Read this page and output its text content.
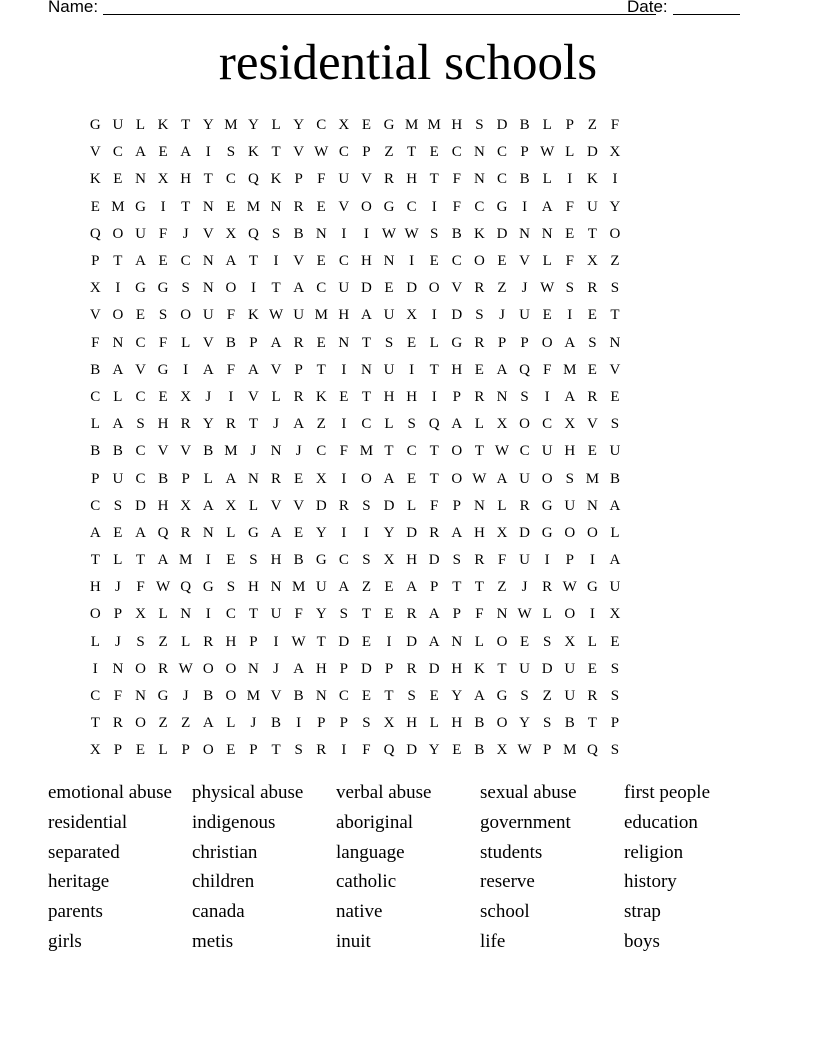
Name:	Date:
residential schools
G U L K T Y M Y L Y C X E G M M H S D B L P Z F
V C A E A I	S K T V W C P Z T E C N C P W L D X
K E N X H T C Q K P F U V R H T F N C B L	I K I
E M G I	T N E M N R E V O G C	I	F C G I A F U Y
Q O U F	J V X Q S B N I	I W W S B K D N N E T O
P T A E C N A T	I V E C H N I	E C O E V L F X Z
X I G G S N O I	T A C U D E D O V R Z	J W S R S
V O E S O U F K W U M H A U X I D S	J U E	I	E T
F N C F L V B P A R E N T S E L G R P P O A S N
B A V G I A F A V P T	I N U I	T H E A Q F M E V
C L C E X J	I V L R K E T H H I	P R N S	I A R E
L A S H R Y R T	J A Z	I	C L S Q A L X O C X V S
B B C V V B M J N J C F M T C T O T W C U H E U
P U C B P L A N R E X I O A E T O W A U O S M B
C S D H X A X L V V D R S D L F P N L R G U N A
A E A Q R N L G A E Y I	I Y D R A H X D G O O L
T L T A M I	E S H B G C S X H D S R F U I	P	I A
H J	F W Q G S H N M U A Z E A P T T Z	J R W G U
O P X L N I	C T U F Y S T E R A P F N W L O I X
L	J	S Z L R H P	I W T D E	I D A N L O E S X L E
I N O R W O O N J A H P D P R D H K T U D U E S
C F N G J B O M V B N C E T S E Y A G S Z U R S
T R O Z Z A L	J B	I	P P S X H L H B O Y S B T P
X P E L P O E P T S R	I	F Q D Y E B X W P M Q S
emotional abuse	physical abuse	verbal abuse	sexual abuse	first people
residential	indigenous	aboriginal	government	education
separated	christian	language	students	religion
heritage	children	catholic	reserve	history
parents	canada	native	school	strap
girls	metis	inuit	life	boys
